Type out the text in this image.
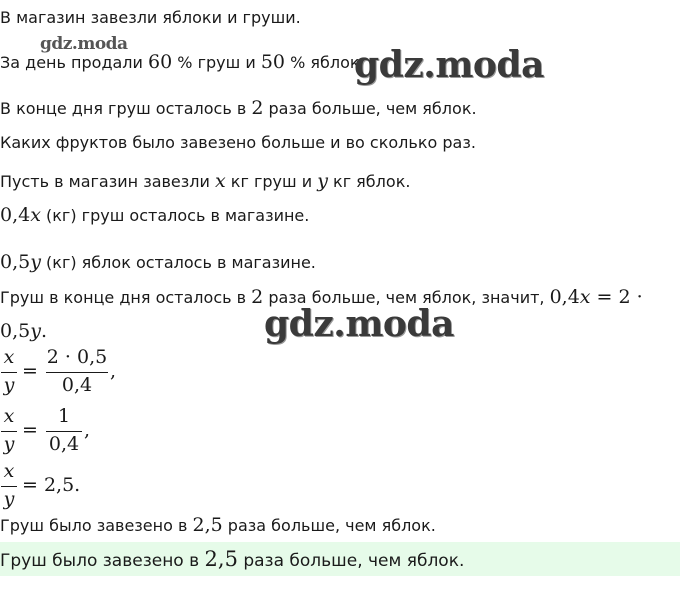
В магазин завезли яблоки и груши.
За день продали 60 % груш и 50 % яблок.
В конце дня груш осталось в 2 раза больше, чем яблок.
Каких фруктов было завезено больше и во сколько раз.
Пусть в магазин завезли x кг груш и y кг яблок.
0,4x (кг) груш осталось в магазине.
0,5y (кг) яблок осталось в магазине.
Груш в конце дня осталось в 2 раза больше, чем яблок, значит, 0,4x = 2 ·
0,5y.
x
y
=
2 · 0,5
0,4
,
x
y
=
1
0,4
,
x
y
= 2,5.
Груш было завезено в 2,5 раза больше, чем яблок.
Груш было завезено в 2,5 раза больше, чем яблок.
gdz.moda	gdz.moda
gdz.moda
